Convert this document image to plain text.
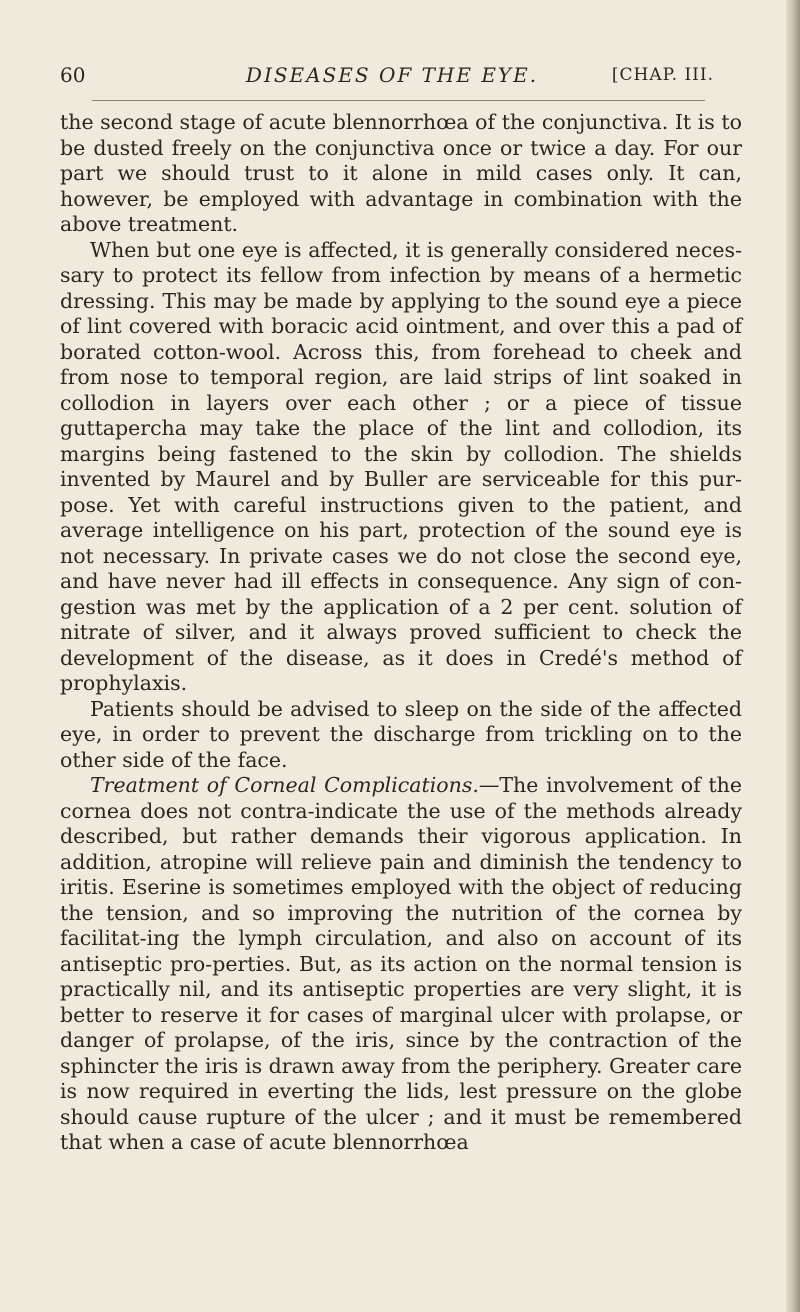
60	DISEASES OF THE EYE.	[CHAP. III.

the second stage of acute blennorrhœa of the conjunctiva. It is to be dusted freely on the conjunctiva once or twice a day. For our part we should trust to it alone in mild cases only. It can, however, be employed with advantage in combination with the above treatment.

When but one eye is affected, it is generally considered neces-sary to protect its fellow from infection by means of a hermetic dressing. This may be made by applying to the sound eye a piece of lint covered with boracic acid ointment, and over this a pad of borated cotton-wool. Across this, from forehead to cheek and from nose to temporal region, are laid strips of lint soaked in collodion in layers over each other ; or a piece of tissue guttapercha may take the place of the lint and collodion, its margins being fastened to the skin by collodion. The shields invented by Maurel and by Buller are serviceable for this pur-pose. Yet with careful instructions given to the patient, and average intelligence on his part, protection of the sound eye is not necessary. In private cases we do not close the second eye, and have never had ill effects in consequence. Any sign of con-gestion was met by the application of a 2 per cent. solution of nitrate of silver, and it always proved sufficient to check the development of the disease, as it does in Credé's method of prophylaxis.

Patients should be advised to sleep on the side of the affected eye, in order to prevent the discharge from trickling on to the other side of the face.

Treatment of Corneal Complications.—The involvement of the cornea does not contra-indicate the use of the methods already described, but rather demands their vigorous application. In addition, atropine will relieve pain and diminish the tendency to iritis. Eserine is sometimes employed with the object of reducing the tension, and so improving the nutrition of the cornea by facilitat-ing the lymph circulation, and also on account of its antiseptic pro-perties. But, as its action on the normal tension is practically nil, and its antiseptic properties are very slight, it is better to reserve it for cases of marginal ulcer with prolapse, or danger of prolapse, of the iris, since by the contraction of the sphincter the iris is drawn away from the periphery. Greater care is now required in everting the lids, lest pressure on the globe should cause rupture of the ulcer ; and it must be remembered that when a case of acute blennorrhœa
